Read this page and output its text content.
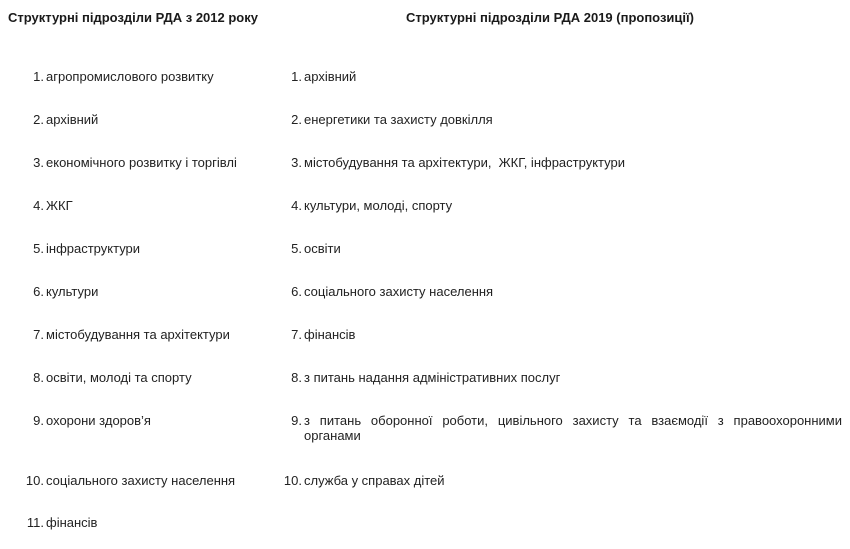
Структурні підрозділи РДА з 2012 року	Структурні підрозділи РДА 2019 (пропозиції)
1. агропромислового розвитку	1. архівний
2. архівний	2. енергетики та захисту довкілля
3. економічного розвитку і торгівлі	3. містобудування та архітектури,  ЖКГ, інфраструктури
4. ЖКГ	4. культури, молоді, спорту
5. інфраструктури	5. освіти
6. культури	6. соціального захисту населення
7. містобудування та архітектури	7. фінансів
8. освіти, молоді та спорту	8. з питань надання адміністративних послуг
9. охорони здоров’я	9. з питань оборонної роботи, цивільного захисту та взаємодії з правоохоронними органами
10. соціального захисту населення	10. служба у справах дітей
11. фінансів
